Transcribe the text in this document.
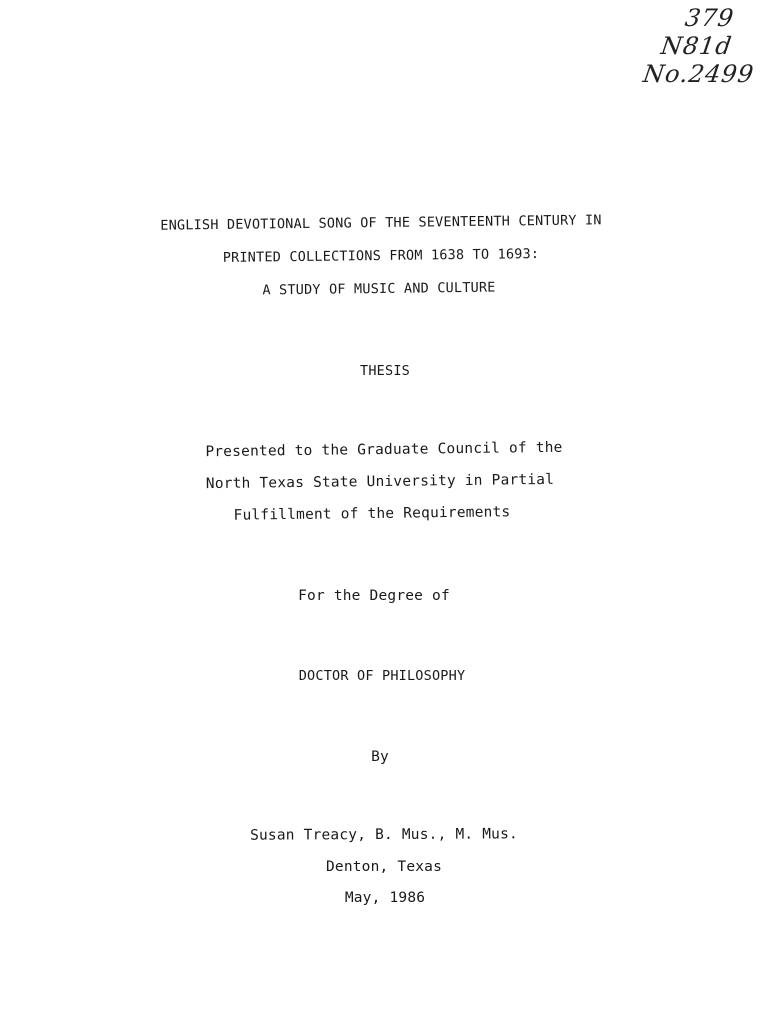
379
N81d
No.2499
ENGLISH DEVOTIONAL SONG OF THE SEVENTEENTH CENTURY IN
PRINTED COLLECTIONS FROM 1638 TO 1693:
A STUDY OF MUSIC AND CULTURE
THESIS
Presented to the Graduate Council of the
North Texas State University in Partial
Fulfillment of the Requirements
For the Degree of
DOCTOR OF PHILOSOPHY
By
Susan Treacy, B. Mus., M. Mus.
Denton, Texas
May, 1986
